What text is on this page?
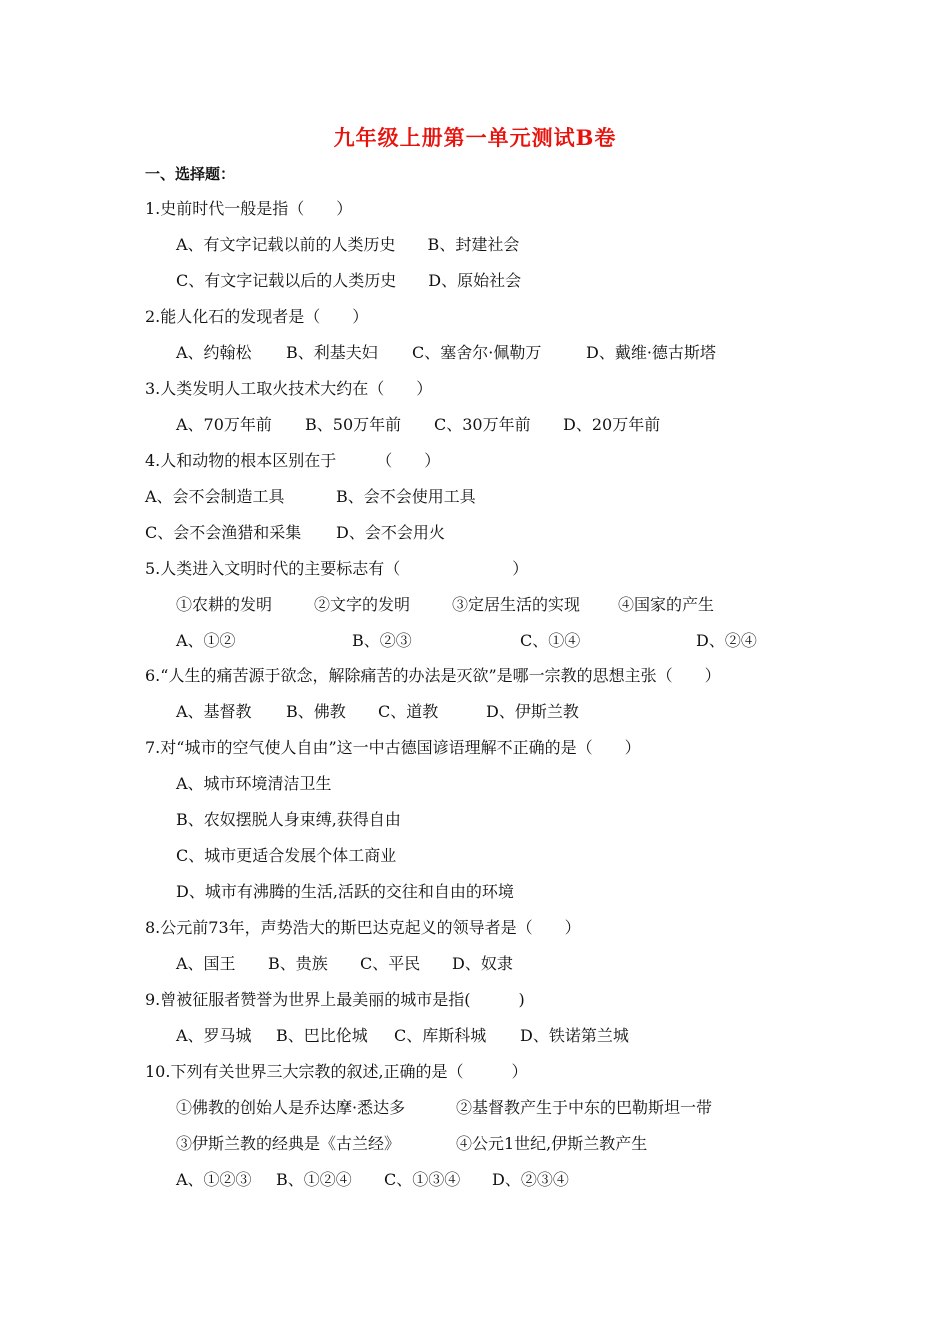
九年级上册第一单元测试B卷
一、选择题：
1.史前时代一般是指（　　）
A、有文字记载以前的人类历史　　B、封建社会
C、有文字记载以后的人类历史　　D、原始社会
2.能人化石的发现者是（　　）
A、约翰松 B、利基夫妇 C、塞舍尔·佩勒万	D、戴维·德古斯塔
3.人类发明人工取火技术大约在（　　）
A、70万年前 B、50万年前 C、30万年前 D、20万年前
4.人和动物的根本区别在于　　　（　　）
A、会不会制造工具	B、会不会使用工具
C、会不会渔猎和采集 D、会不会用火
5.人类进入文明时代的主要标志有（　　　　　　　）
①农耕的发明	②文字的发明	③定居生活的实现 ④国家的产生
A、①②	B、②③	C、①④	D、②④
6.“人生的痛苦源于欲念，解除痛苦的办法是灭欲”是哪一宗教的思想主张（　　）
A、基督教 B、佛教 C、道教	D、伊斯兰教
7.对“城市的空气使人自由”这一中古德国谚语理解不正确的是（　　）
A、城市环境清洁卫生
B、农奴摆脱人身束缚,获得自由
C、城市更适合发展个体工商业
D、城市有沸腾的生活,活跃的交往和自由的环境
8.公元前73年，声势浩大的斯巴达克起义的领导者是（　　）
A、国王 B、贵族 C、平民 D、奴隶
9.曾被征服者赞誉为世界上最美丽的城市是指(　　　)
A、罗马城 B、巴比伦城 C、库斯科城 D、铁诺第兰城
10.下列有关世界三大宗教的叙述,正确的是（　　　）
①佛教的创始人是乔达摩·悉达多	②基督教产生于中东的巴勒斯坦一带
③伊斯兰教的经典是《古兰经》	④公元1世纪,伊斯兰教产生
A、①②③ B、①②④ C、①③④ D、②③④
